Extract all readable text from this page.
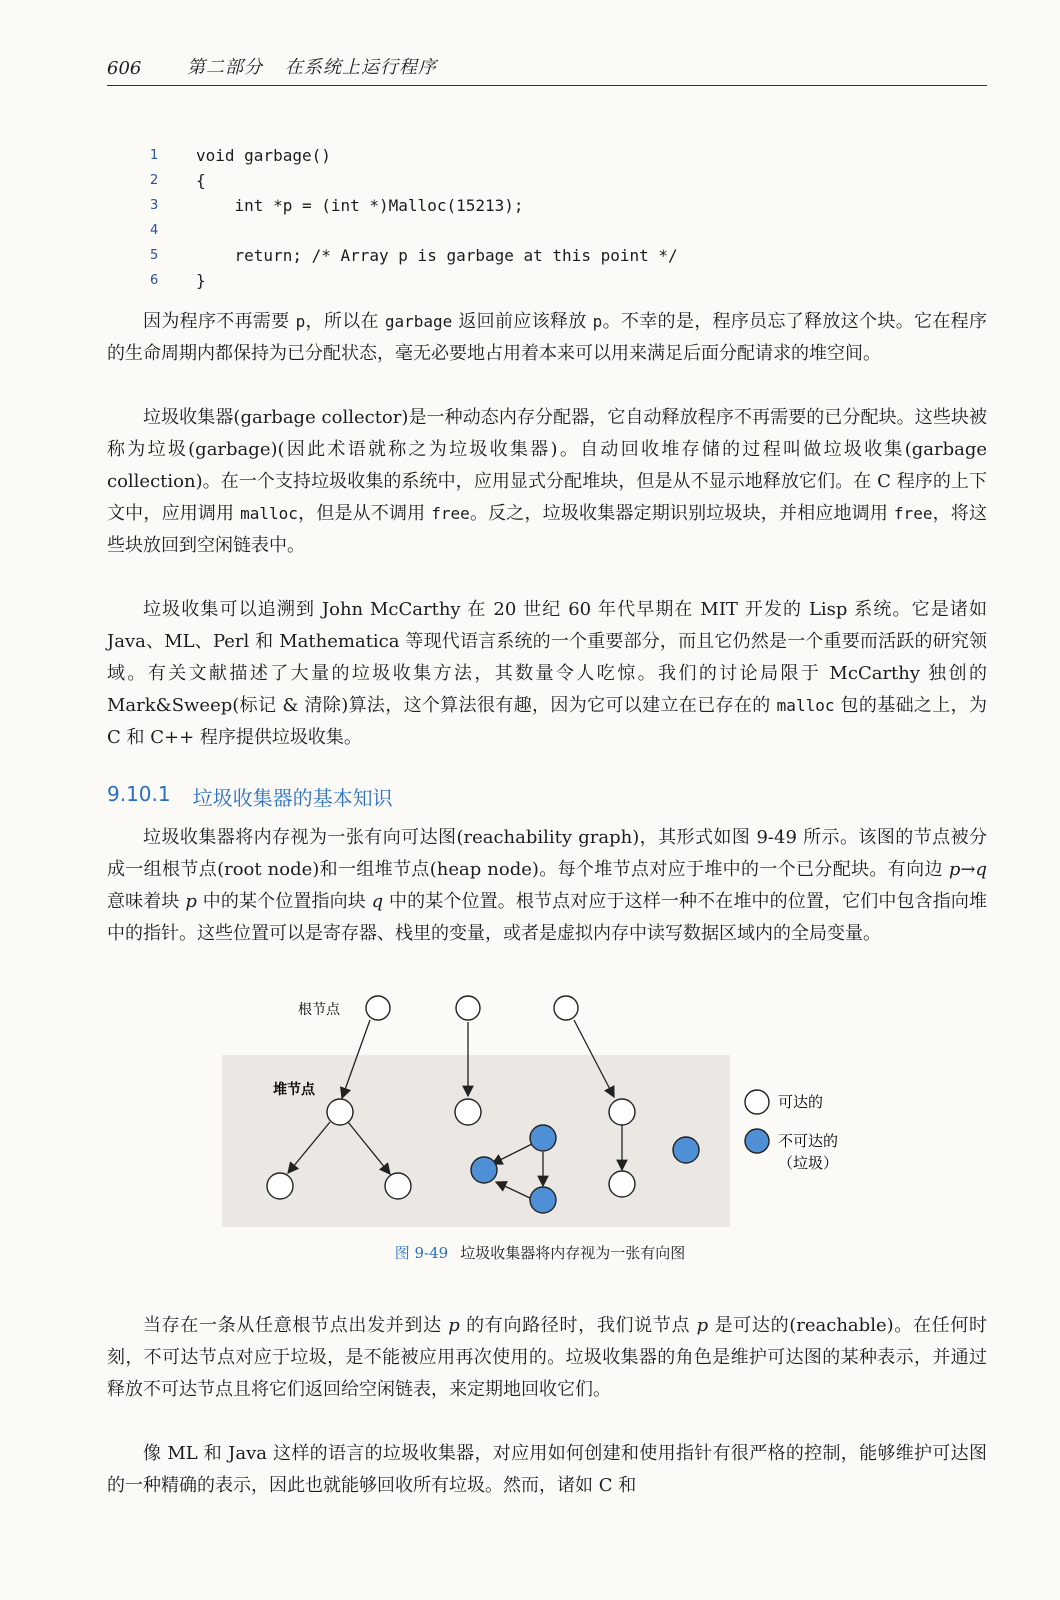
606	第二部分 在系统上运行程序
1	void garbage()
2	{
3	int *p = (int *)Malloc(15213);
4
5	return; /* Array p is garbage at this point */
6	}

因为程序不再需要 p，所以在 garbage 返回前应该释放 p。不幸的是，程序员忘了释放这个块。它在程序的生命周期内都保持为已分配状态，毫无必要地占用着本来可以用来满足后面分配请求的堆空间。

垃圾收集器(garbage collector)是一种动态内存分配器，它自动释放程序不再需要的已分配块。这些块被称为垃圾(garbage)(因此术语就称之为垃圾收集器)。自动回收堆存储的过程叫做垃圾收集(garbage collection)。在一个支持垃圾收集的系统中，应用显式分配堆块，但是从不显示地释放它们。在 C 程序的上下文中，应用调用 malloc，但是从不调用 free。反之，垃圾收集器定期识别垃圾块，并相应地调用 free，将这些块放回到空闲链表中。

垃圾收集可以追溯到 John McCarthy 在 20 世纪 60 年代早期在 MIT 开发的 Lisp 系统。它是诸如 Java、ML、Perl 和 Mathematica 等现代语言系统的一个重要部分，而且它仍然是一个重要而活跃的研究领域。有关文献描述了大量的垃圾收集方法，其数量令人吃惊。我们的讨论局限于 McCarthy 独创的 Mark&Sweep(标记 & 清除)算法，这个算法很有趣，因为它可以建立在已存在的 malloc 包的基础之上，为 C 和 C++ 程序提供垃圾收集。

9.10.1 垃圾收集器的基本知识

垃圾收集器将内存视为一张有向可达图(reachability graph)，其形式如图 9-49 所示。该图的节点被分成一组根节点(root node)和一组堆节点(heap node)。每个堆节点对应于堆中的一个已分配块。有向边 p→q 意味着块 p 中的某个位置指向块 q 中的某个位置。根节点对应于这样一种不在堆中的位置，它们中包含指向堆中的指针。这些位置可以是寄存器、栈里的变量，或者是虚拟内存中读写数据区域内的全局变量。

根节点
堆节点
可达的
不可达的
（垃圾）
图 9-49 垃圾收集器将内存视为一张有向图

当存在一条从任意根节点出发并到达 p 的有向路径时，我们说节点 p 是可达的(reachable)。在任何时刻，不可达节点对应于垃圾，是不能被应用再次使用的。垃圾收集器的角色是维护可达图的某种表示，并通过释放不可达节点且将它们返回给空闲链表，来定期地回收它们。

像 ML 和 Java 这样的语言的垃圾收集器，对应用如何创建和使用指针有很严格的控制，能够维护可达图的一种精确的表示，因此也就能够回收所有垃圾。然而，诸如 C 和
